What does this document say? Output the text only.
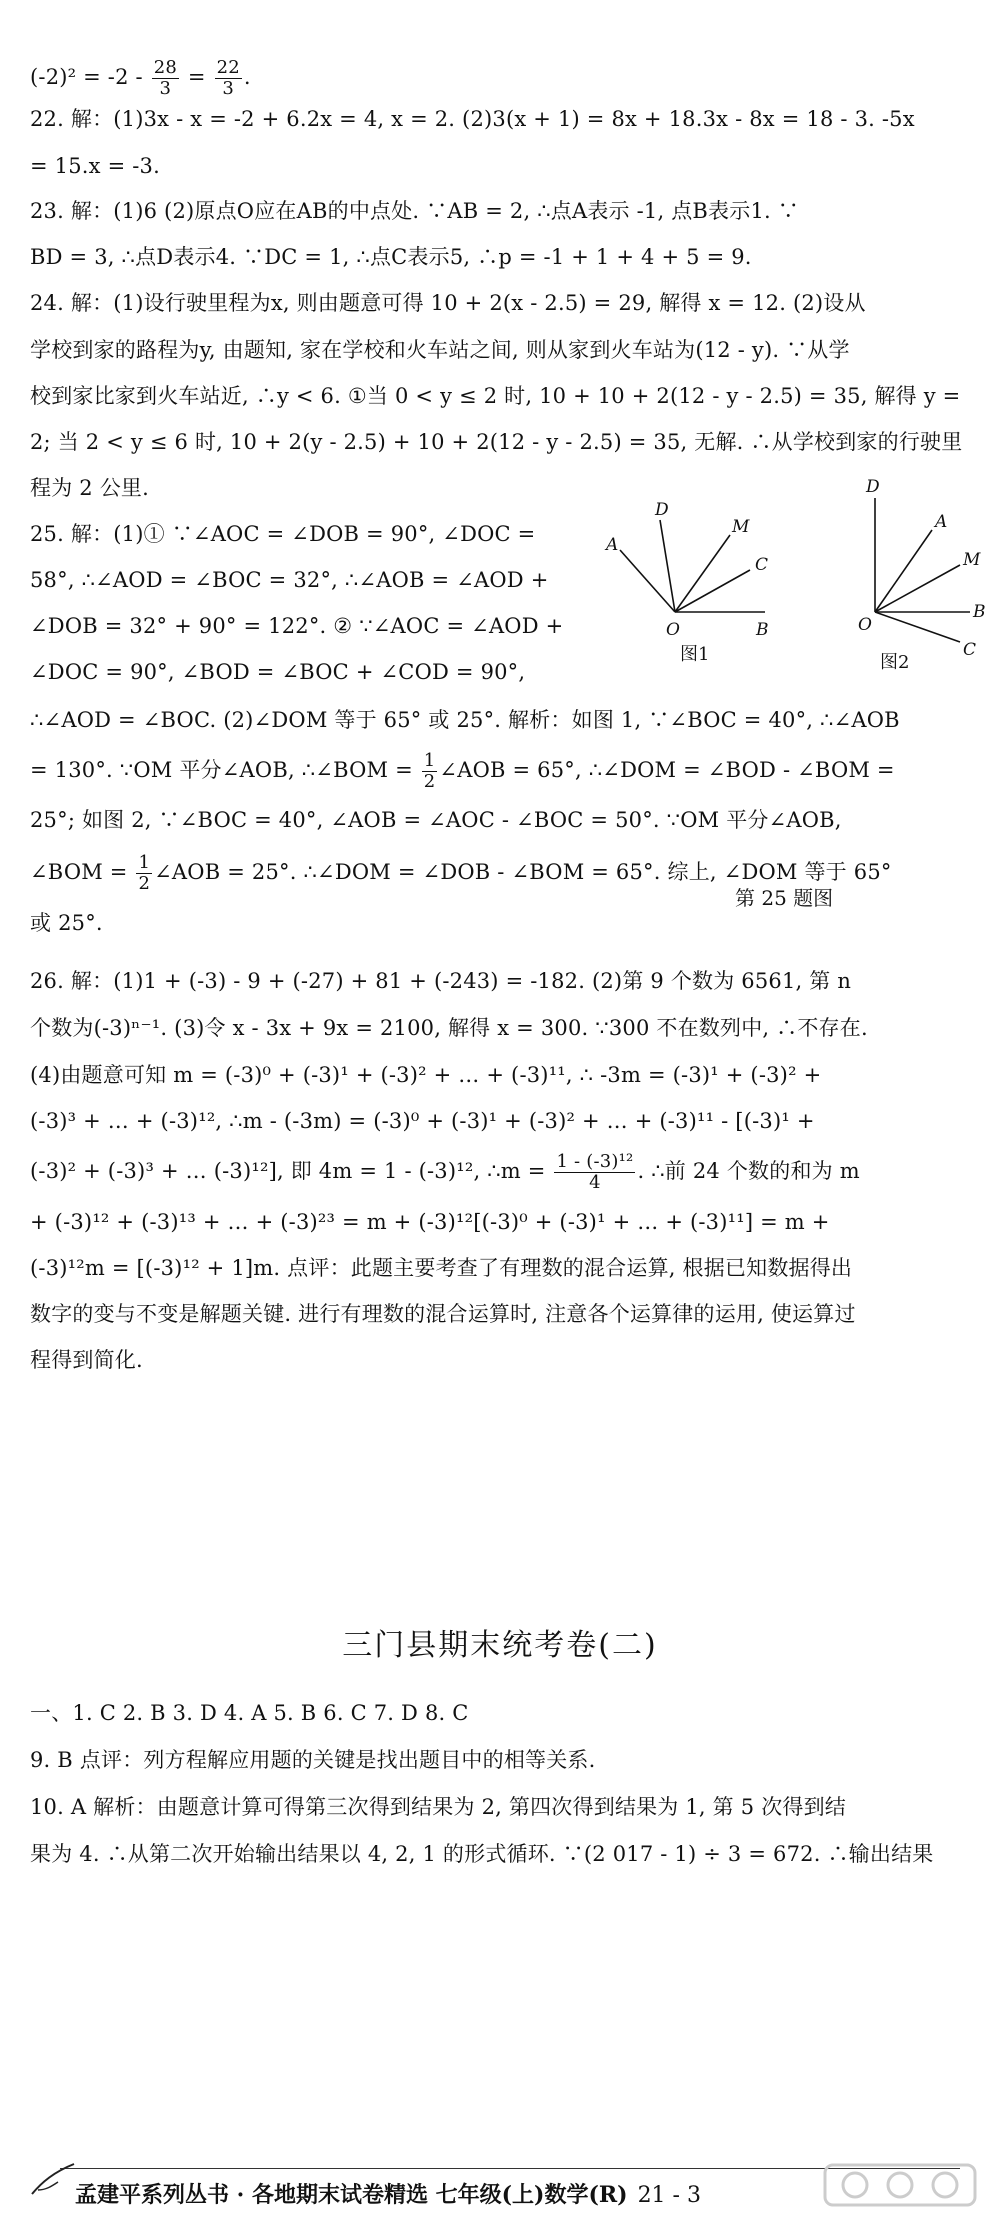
$(-2)^2 = -2 - \frac{28}{3} = \frac{22}{3}$ .
22. 解：(1)3x - x = -2 + 6.2x = 4, x = 2. (2)3(x + 1) = 8x + 18.3x - 8x = 18 - 3. -5x
= 15.x = -3.
23. 解：(1)6 (2)原点O应在AB的中点处. ∵AB = 2, ∴点A表示 -1, 点B表示1. ∵
BD = 3, ∴点D表示4. ∵DC = 1, ∴点C表示5, ∴p = -1 + 1 + 4 + 5 = 9.
24. 解：(1)设行驶里程为x, 则由题意可得 10 + 2(x - 2.5) = 29, 解得 x = 12. (2)设从
学校到家的路程为y, 由题知, 家在学校和火车站之间, 则从家到火车站为(12 - y). ∵从学
校到家比家到火车站近, ∴y < 6. ①当 0 < y ≤ 2 时, 10 + 10 + 2(12 - y - 2.5) = 35, 解得 y =
2; 当 2 < y ≤ 6 时, 10 + 2(y - 2.5) + 10 + 2(12 - y - 2.5) = 35, 无解. ∴从学校到家的行驶里
程为 2 公里.
25. 解：(1)① ∵∠AOC = ∠DOB = 90°, ∠DOC =
58°, ∴∠AOD = ∠BOC = 32°, ∴∠AOB = ∠AOD +
∠DOB = 32° + 90° = 122°. ② ∵∠AOC = ∠AOD +
∠DOC = 90°, ∠BOD = ∠BOC + ∠COD = 90°,
D
A
M
C
O	B
图1
D
A
M
B
O
C
图2
第 25 题图
∴∠AOD = ∠BOC. (2)∠DOM 等于 65° 或 25°. 解析：如图 1, ∵∠BOC = 40°, ∴∠AOB
= 130°. ∵OM 平分∠AOB, ∴∠BOM = $\frac{1}{2}$ ∠AOB = 65°, ∴∠DOM = ∠BOD - ∠BOM =
25°; 如图 2, ∵∠BOC = 40°, ∠AOB = ∠AOC - ∠BOC = 50°. ∵OM 平分∠AOB,
∠BOM = $\frac{1}{2}$ ∠AOB = 25°. ∴∠DOM = ∠DOB - ∠BOM = 65°. 综上, ∠DOM 等于 65°
或 25°.
26. 解：(1)1 + (-3) - 9 + (-27) + 81 + (-243) = -182. (2)第 9 个数为 6561, 第 n
个数为(-3)ⁿ⁻¹. (3)令 x - 3x + 9x = 2100, 解得 x = 300. ∵300 不在数列中, ∴不存在.
(4)由题意可知 m = (-3)⁰ + (-3)¹ + (-3)² + … + (-3)¹¹, ∴ -3m = (-3)¹ + (-3)² +
(-3)³ + … + (-3)¹², ∴m - (-3m) = (-3)⁰ + (-3)¹ + (-3)² + … + (-3)¹¹ - [(-3)¹ +
(-3)² + (-3)³ + … (-3)¹²], 即 4m = 1 - (-3)¹², ∴m = $\frac{\text{1 - (-3)¹²}}{4}$ . ∴前 24 个数的和为 m
+ (-3)¹² + (-3)¹³ + … + (-3)²³ = m + (-3)¹²[(-3)⁰ + (-3)¹ + … + (-3)¹¹] = m +
(-3)¹²m = [(-3)¹² + 1]m. 点评：此题主要考查了有理数的混合运算, 根据已知数据得出
数字的变与不变是解题关键. 进行有理数的混合运算时, 注意各个运算律的运用, 使运算过
程得到简化.
三门县期末统考卷(二)
一、1. C 2. B 3. D 4. A 5. B 6. C 7. D 8. C
9. B 点评：列方程解应用题的关键是找出题目中的相等关系.
10. A 解析：由题意计算可得第三次得到结果为 2, 第四次得到结果为 1, 第 5 次得到结
果为 4. ∴从第二次开始输出结果以 4, 2, 1 的形式循环. ∵(2 017 - 1) ÷ 3 = 672. ∴输出结果
孟建平系列丛书 · 各地期末试卷精选 七年级(上)数学(R) 21 - 3
